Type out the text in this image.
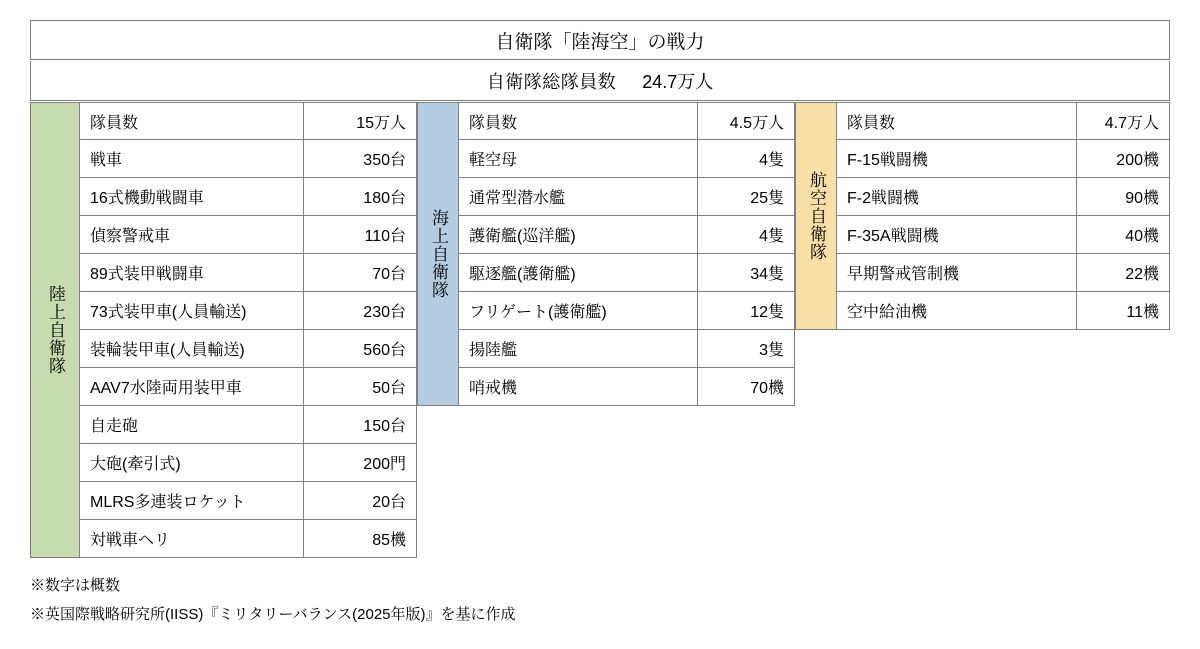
自衛隊「陸海空」の戦力
自衛隊総隊員数 24.7万人
陸上自衛隊
隊員数	15万人
戦車	350台
16式機動戦闘車	180台
偵察警戒車	110台
89式装甲戦闘車	70台
73式装甲車(人員輸送)	230台
装輪装甲車(人員輸送)	560台
AAV7水陸両用装甲車	50台
自走砲	150台
大砲(牽引式)	200門
MLRS多連装ロケット	20台
対戦車ヘリ	85機
海上自衛隊
隊員数	4.5万人
軽空母	4隻
通常型潜水艦	25隻
護衛艦(巡洋艦)	4隻
駆逐艦(護衛艦)	34隻
フリゲート(護衛艦)	12隻
揚陸艦	3隻
哨戒機	70機
航空自衛隊
隊員数	4.7万人
F-15戦闘機	200機
F-2戦闘機	90機
F-35A戦闘機	40機
早期警戒管制機	22機
空中給油機	11機
※数字は概数
※英国際戦略研究所(IISS)『ミリタリーバランス(2025年版)』を基に作成
